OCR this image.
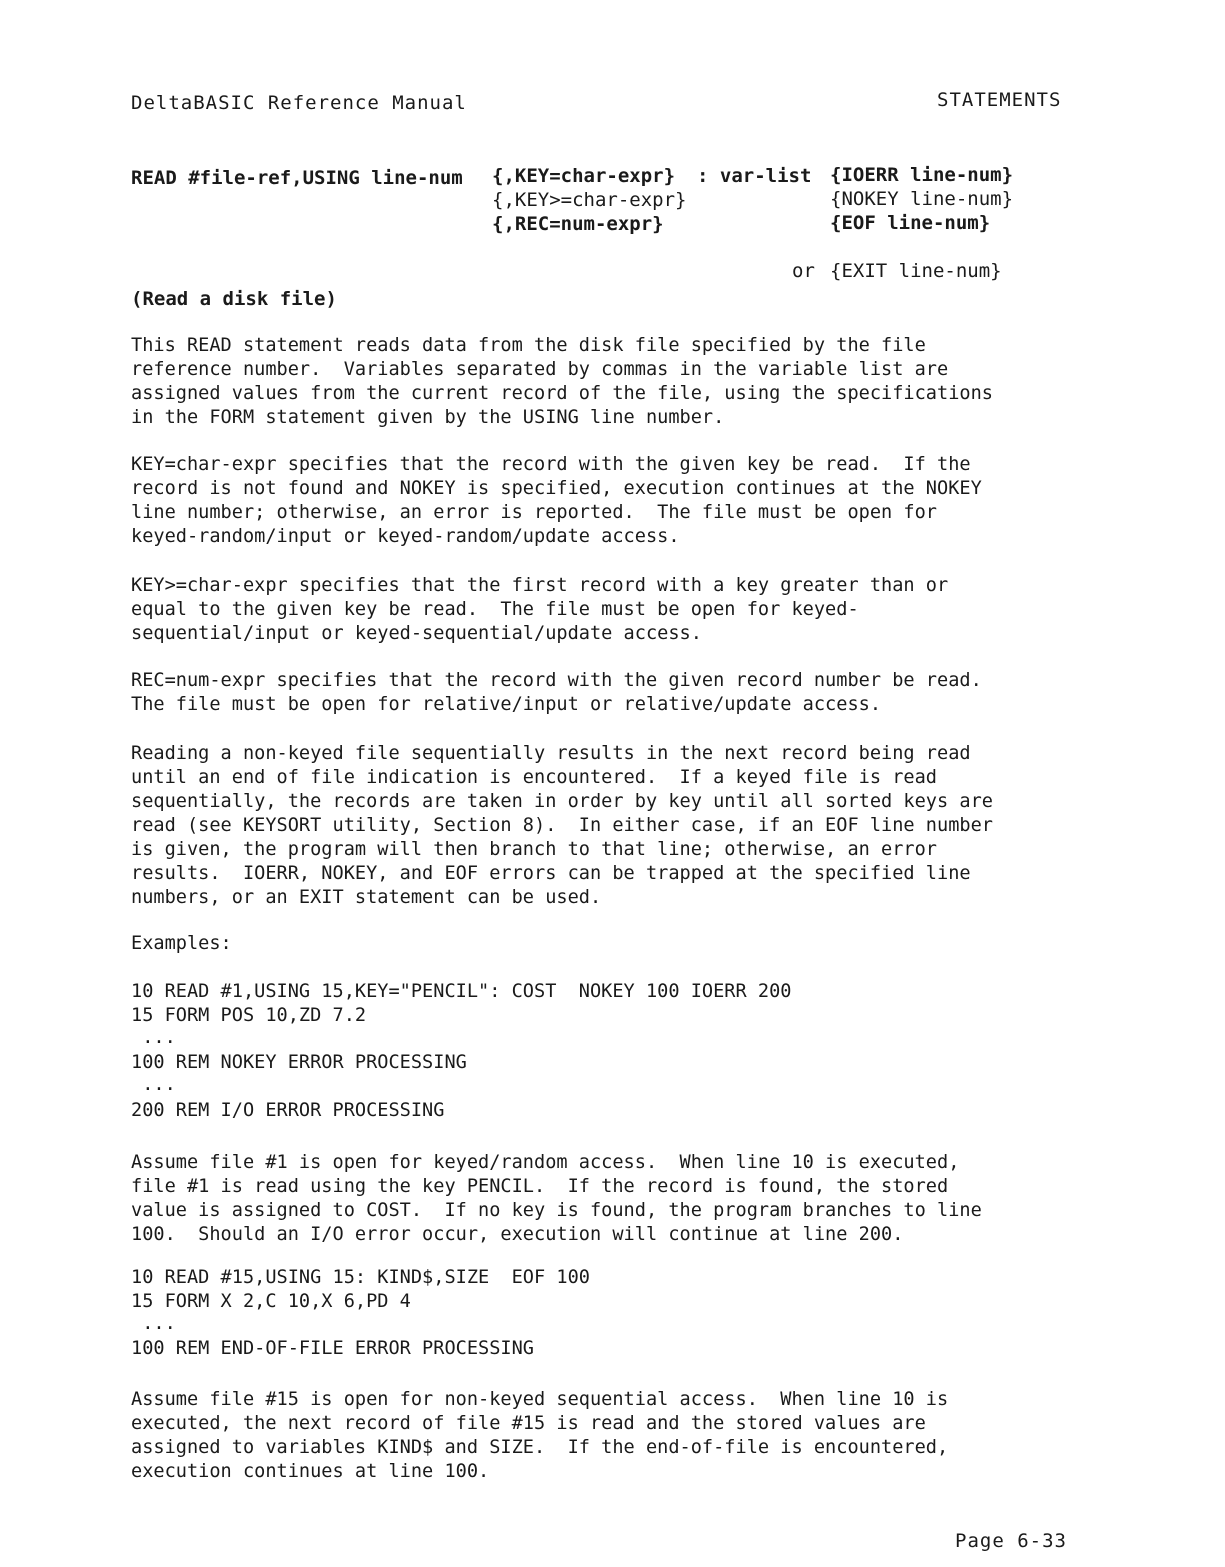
DeltaBASIC Reference Manual	STATEMENTS
READ #file-ref,USING line-num {,KEY=char-expr}
{,KEY>=char-expr}
{,REC=num-expr}
: var-list {IOERR line-num}
{NOKEY line-num}
{EOF line-num}
or {EXIT line-num}
(Read a disk file)
This READ statement reads data from the disk file specified by the file
reference number.  Variables separated by commas in the variable list are
assigned values from the current record of the file, using the specifications
in the FORM statement given by the USING line number.
KEY=char-expr specifies that the record with the given key be read.  If the
record is not found and NOKEY is specified, execution continues at the NOKEY
line number; otherwise, an error is reported.  The file must be open for
keyed-random/input or keyed-random/update access.
KEY>=char-expr specifies that the first record with a key greater than or
equal to the given key be read.  The file must be open for keyed-
sequential/input or keyed-sequential/update access.
REC=num-expr specifies that the record with the given record number be read.
The file must be open for relative/input or relative/update access.
Reading a non-keyed file sequentially results in the next record being read
until an end of file indication is encountered.  If a keyed file is read
sequentially, the records are taken in order by key until all sorted keys are
read (see KEYSORT utility, Section 8).  In either case, if an EOF line number
is given, the program will then branch to that line; otherwise, an error
results.  IOERR, NOKEY, and EOF errors can be trapped at the specified line
numbers, or an EXIT statement can be used.
Examples:
10 READ #1,USING 15,KEY="PENCIL": COST  NOKEY 100 IOERR 200
15 FORM POS 10,ZD 7.2
...
100 REM NOKEY ERROR PROCESSING
...
200 REM I/O ERROR PROCESSING
Assume file #1 is open for keyed/random access.  When line 10 is executed,
file #1 is read using the key PENCIL.  If the record is found, the stored
value is assigned to COST.  If no key is found, the program branches to line
100.  Should an I/O error occur, execution will continue at line 200.
10 READ #15,USING 15: KIND$,SIZE  EOF 100
15 FORM X 2,C 10,X 6,PD 4
...
100 REM END-OF-FILE ERROR PROCESSING
Assume file #15 is open for non-keyed sequential access.  When line 10 is
executed, the next record of file #15 is read and the stored values are
assigned to variables KIND$ and SIZE.  If the end-of-file is encountered,
execution continues at line 100.
Page 6-33
